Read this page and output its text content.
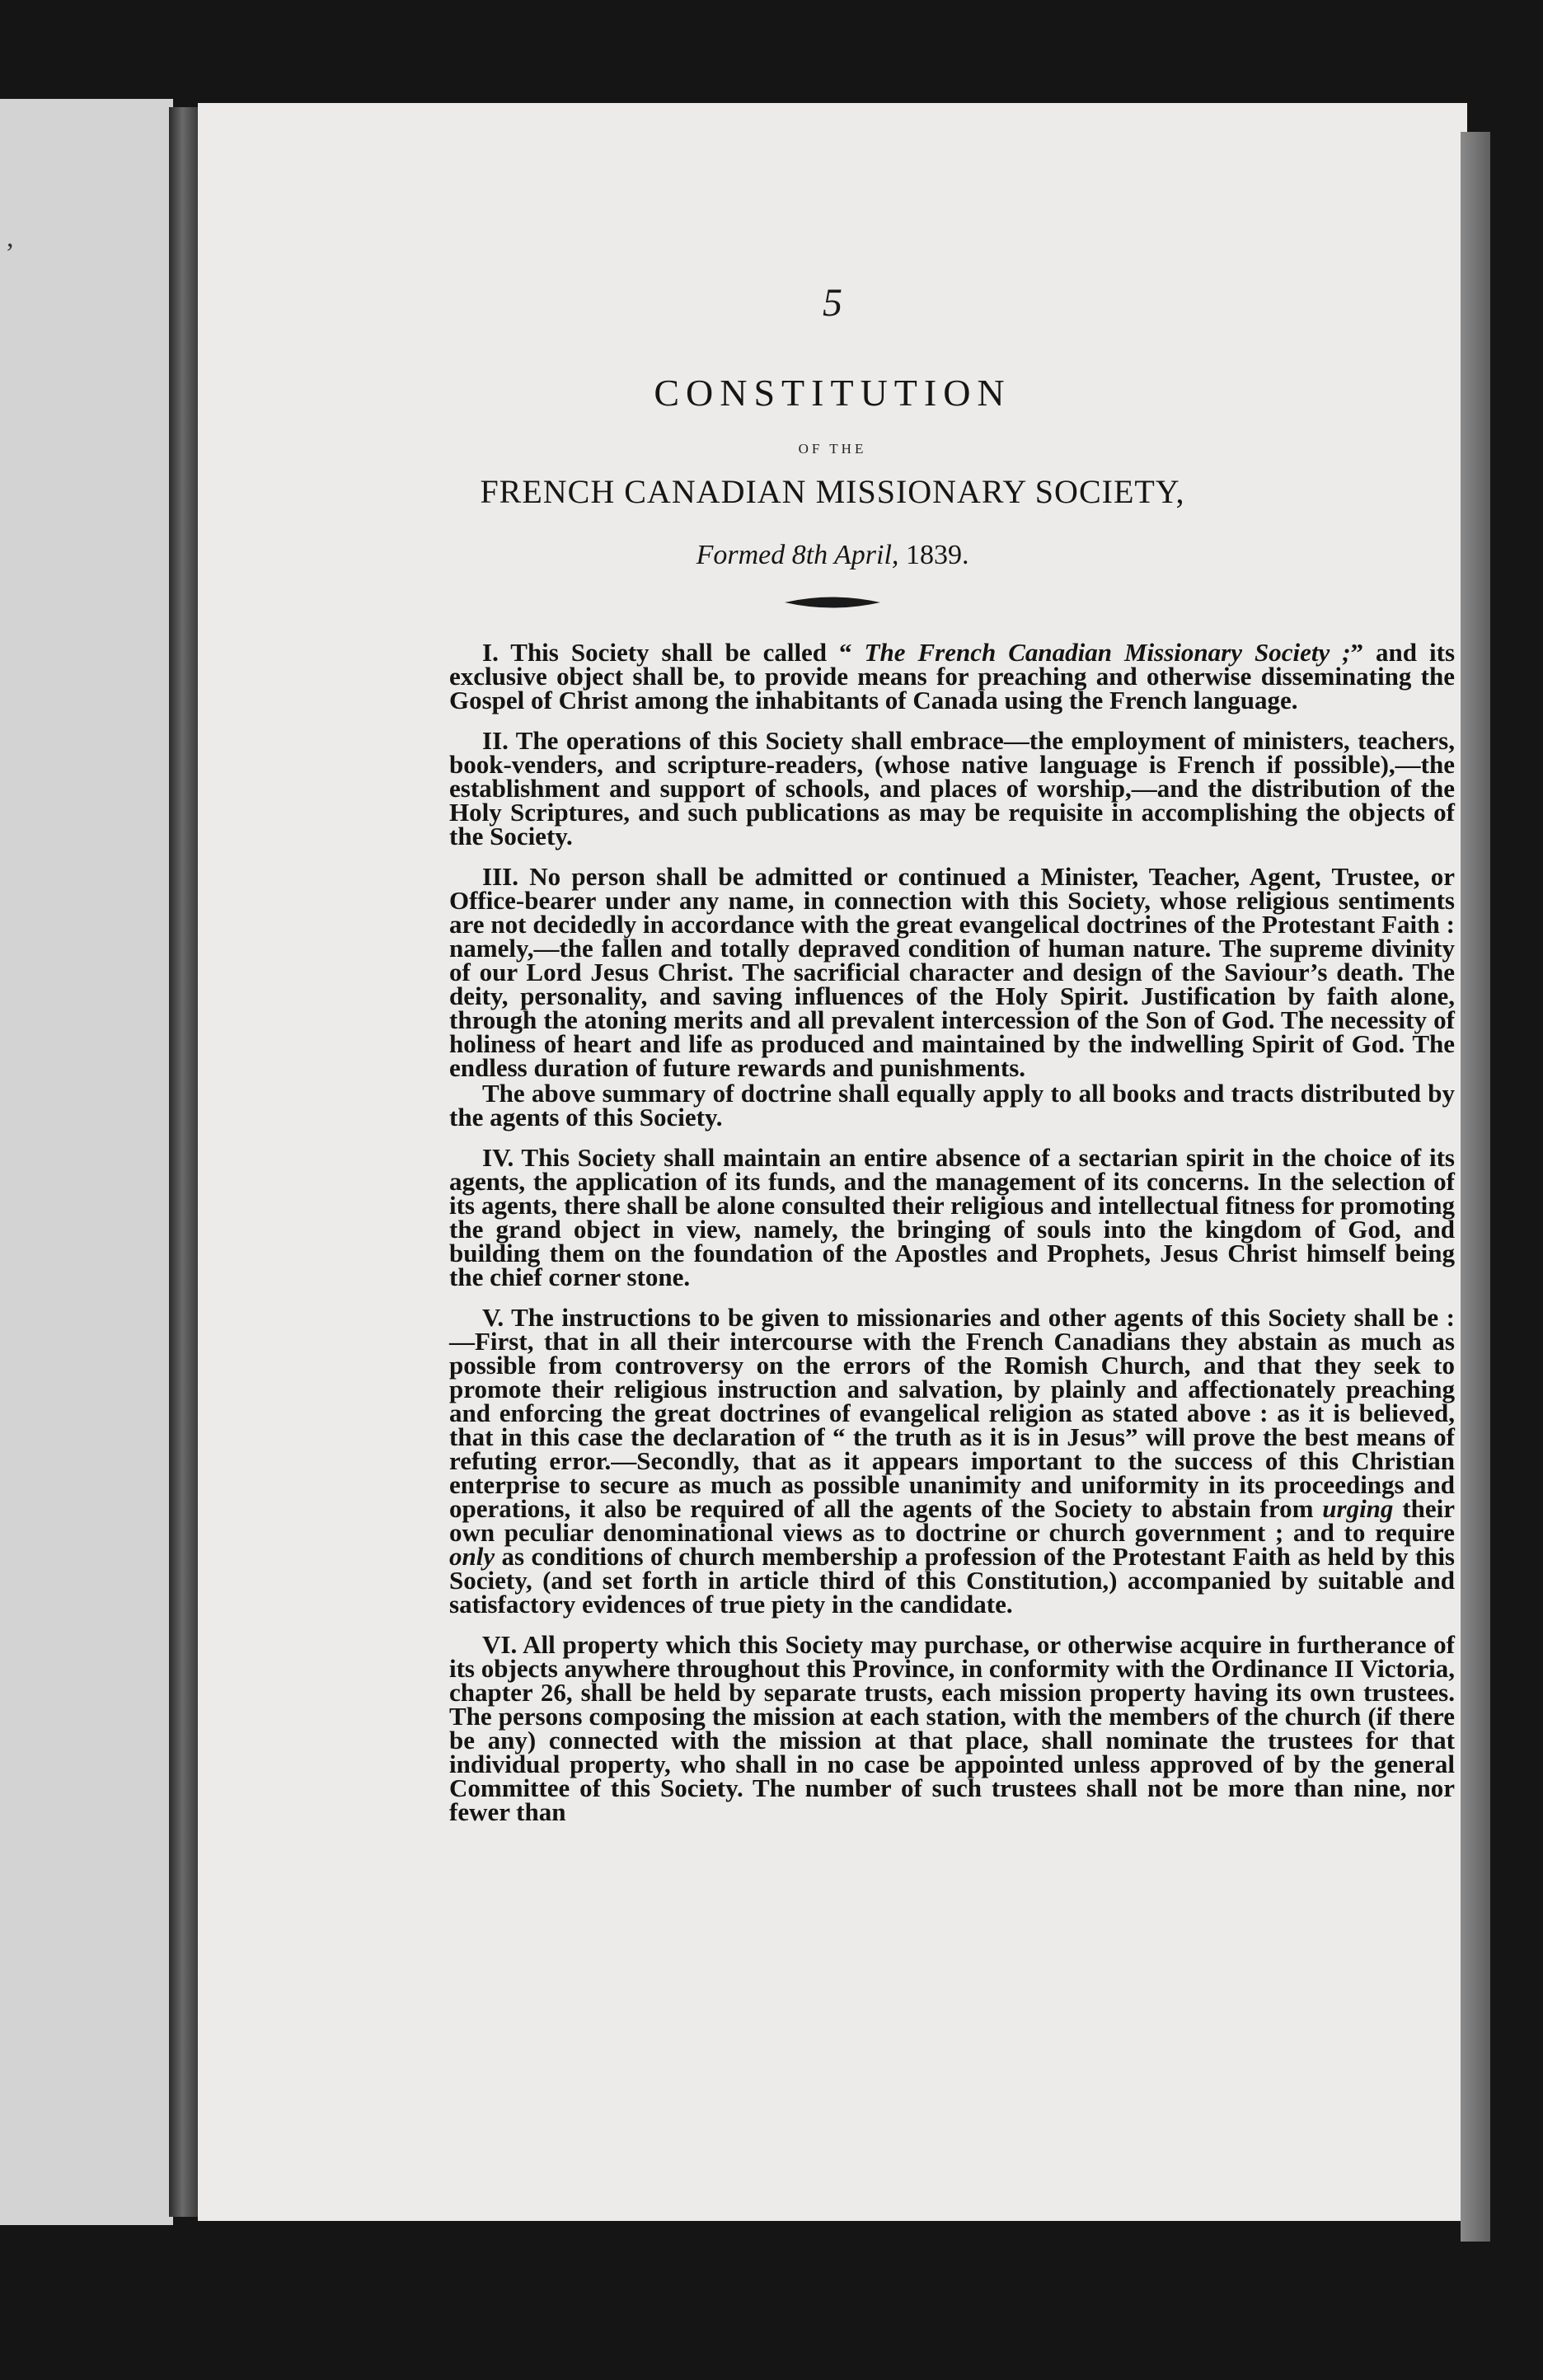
,
5
CONSTITUTION
OF THE
FRENCH CANADIAN MISSIONARY SOCIETY,
Formed 8th April, 1839.

I. This Society shall be called “ The French Canadian Missionary Society ;” and its exclusive object shall be, to provide means for preaching and otherwise disseminating the Gospel of Christ among the inhabitants of Canada using the French language.

II. The operations of this Society shall embrace—the employment of ministers, teachers, book-venders, and scripture-readers, (whose native language is French if possible),—the establishment and support of schools, and places of worship,—and the distribution of the Holy Scriptures, and such publications as may be requisite in accomplishing the objects of the Society.

III. No person shall be admitted or continued a Minister, Teacher, Agent, Trustee, or Office-bearer under any name, in connection with this Society, whose religious sentiments are not decidedly in accordance with the great evangelical doctrines of the Protestant Faith : namely,—the fallen and totally depraved condition of human nature. The supreme divinity of our Lord Jesus Christ. The sacrificial character and design of the Saviour’s death. The deity, personality, and saving influences of the Holy Spirit. Justification by faith alone, through the atoning merits and all prevalent intercession of the Son of God. The necessity of holiness of heart and life as produced and maintained by the indwelling Spirit of God. The endless duration of future rewards and punishments.

The above summary of doctrine shall equally apply to all books and tracts distributed by the agents of this Society.

IV. This Society shall maintain an entire absence of a sectarian spirit in the choice of its agents, the application of its funds, and the management of its concerns. In the selection of its agents, there shall be alone consulted their religious and intellectual fitness for promoting the grand object in view, namely, the bringing of souls into the kingdom of God, and building them on the foundation of the Apostles and Prophets, Jesus Christ himself being the chief corner stone.

V. The instructions to be given to missionaries and other agents of this Society shall be :—First, that in all their intercourse with the French Canadians they abstain as much as possible from controversy on the errors of the Romish Church, and that they seek to promote their religious instruction and salvation, by plainly and affectionately preaching and enforcing the great doctrines of evangelical religion as stated above : as it is believed, that in this case the declaration of “ the truth as it is in Jesus” will prove the best means of refuting error.—Secondly, that as it appears important to the success of this Christian enterprise to secure as much as possible unanimity and uniformity in its proceedings and operations, it also be required of all the agents of the Society to abstain from urging their own peculiar denominational views as to doctrine or church government ; and to require only as conditions of church membership a profession of the Protestant Faith as held by this Society, (and set forth in article third of this Constitution,) accompanied by suitable and satisfactory evidences of true piety in the candidate.

VI. All property which this Society may purchase, or otherwise acquire in furtherance of its objects anywhere throughout this Province, in conformity with the Ordinance II Victoria, chapter 26, shall be held by separate trusts, each mission property having its own trustees. The persons composing the mission at each station, with the members of the church (if there be any) connected with the mission at that place, shall nominate the trustees for that individual property, who shall in no case be appointed unless approved of by the general Committee of this Society. The number of such trustees shall not be more than nine, nor fewer than
